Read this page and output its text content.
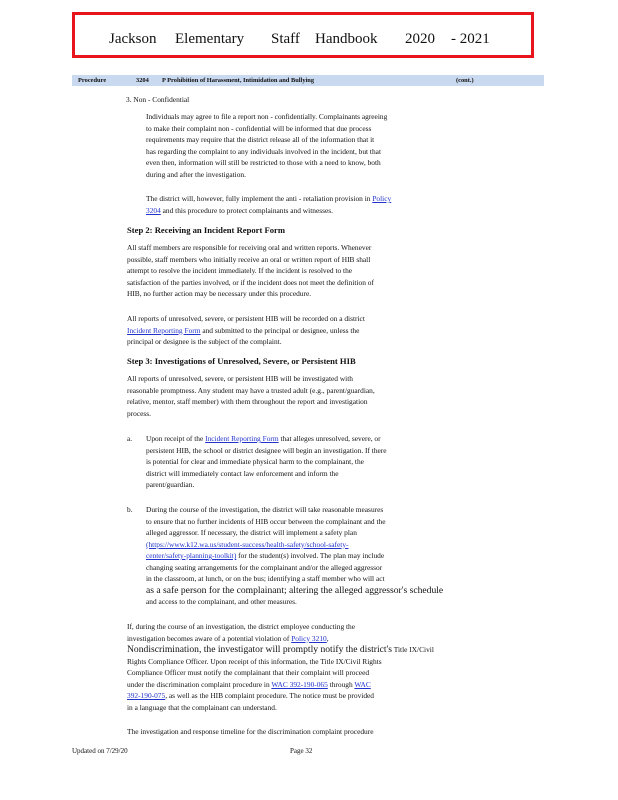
Jackson Elementary Staff Handbook 2020 - 2021
Procedure	3204 P Prohibition of Harassment, Intimidation and Bullying	(cont.)
3. Non - Confidential
Individuals may agree to file a report non - confidentially. Complainants agreeing
to make their complaint non - confidential will be informed that due process
requirements may require that the district release all of the information that it
has regarding the complaint to any individuals involved in the incident, but that
even then, information will still be restricted to those with a need to know, both
during and after the investigation.
The district will, however, fully implement the anti - retaliation provision in Policy
3204 and this procedure to protect complainants and witnesses.
Step 2: Receiving an Incident Report Form
All staff members are responsible for receiving oral and written reports. Whenever
possible, staff members who initially receive an oral or written report of HIB shall
attempt to resolve the incident immediately. If the incident is resolved to the
satisfaction of the parties involved, or if the incident does not meet the definition of
HIB, no further action may be necessary under this procedure.
All reports of unresolved, severe, or persistent HIB will be recorded on a district
Incident Reporting Form and submitted to the principal or designee, unless the
principal or designee is the subject of the complaint.
Step 3: Investigations of Unresolved, Severe, or Persistent HIB
All reports of unresolved, severe, or persistent HIB will be investigated with
reasonable promptness. Any student may have a trusted adult (e.g., parent/guardian,
relative, mentor, staff member) with them throughout the report and investigation
process.
a. Upon receipt of the Incident Reporting Form that alleges unresolved, severe, or
persistent HIB, the school or district designee will begin an investigation. If there
is potential for clear and immediate physical harm to the complainant, the
district will immediately contact law enforcement and inform the
parent/guardian.
b. During the course of the investigation, the district will take reasonable measures
to ensure that no further incidents of HIB occur between the complainant and the
alleged aggressor. If necessary, the district will implement a safety plan
(https://www.k12.wa.us/student-success/health-safety/school-safety-
center/safety-planning-toolkit) for the student(s) involved. The plan may include
changing seating arrangements for the complainant and/or the alleged aggressor
in the classroom, at lunch, or on the bus; identifying a staff member who will act
as a safe person for the complainant; altering the alleged aggressor's schedule
and access to the complainant, and other measures.
If, during the course of an investigation, the district employee conducting the
investigation becomes aware of a potential violation of Policy 3210,
Nondiscrimination, the investigator will promptly notify the district's Title IX/Civil
Rights Compliance Officer. Upon receipt of this information, the Title IX/Civil Rights
Compliance Officer must notify the complainant that their complaint will proceed
under the discrimination complaint procedure in WAC 392-190-065 through WAC
392-190-075, as well as the HIB complaint procedure. The notice must be provided
in a language that the complainant can understand.
The investigation and response timeline for the discrimination complaint procedure
Updated on 7/29/20	Page 32
